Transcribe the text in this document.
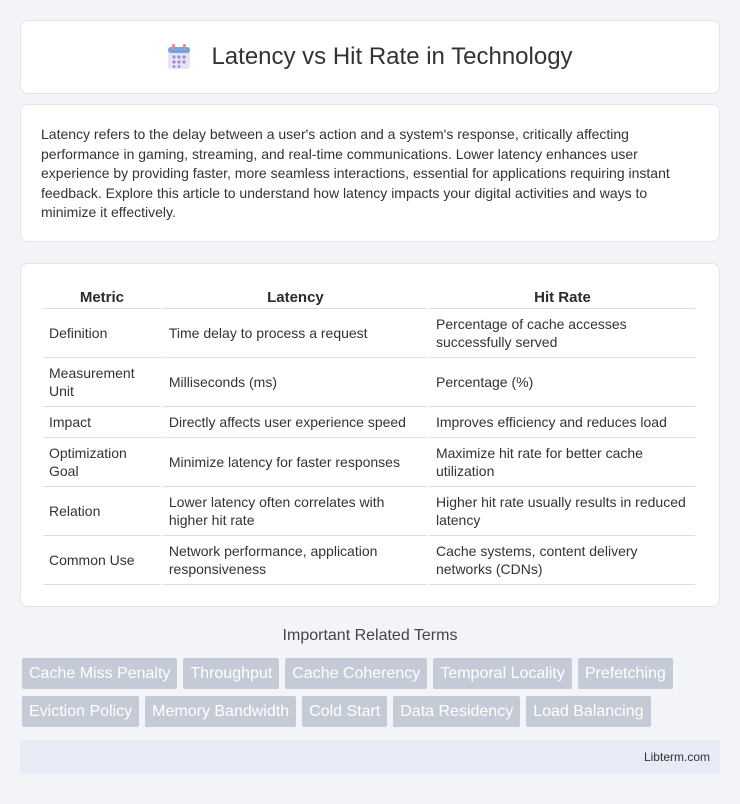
Latency vs Hit Rate in Technology

Latency refers to the delay between a user's action and a system's response, critically affecting performance in gaming, streaming, and real-time communications. Lower latency enhances user experience by providing faster, more seamless interactions, essential for applications requiring instant feedback. Explore this article to understand how latency impacts your digital activities and ways to minimize it effectively.

Metric	Latency	Hit Rate
Definition	Time delay to process a request	Percentage of cache accesses successfully served
Measurement Unit	Milliseconds (ms)	Percentage (%)
Impact	Directly affects user experience speed	Improves efficiency and reduces load
Optimization Goal	Minimize latency for faster responses	Maximize hit rate for better cache utilization
Relation	Lower latency often correlates with higher hit rate	Higher hit rate usually results in reduced latency
Common Use	Network performance, application responsiveness	Cache systems, content delivery networks (CDNs)
Important Related Terms
Cache Miss Penalty	Throughput	Cache Coherency	Temporal Locality	Prefetching
Eviction Policy	Memory Bandwidth	Cold Start	Data Residency	Load Balancing
Libterm.com
